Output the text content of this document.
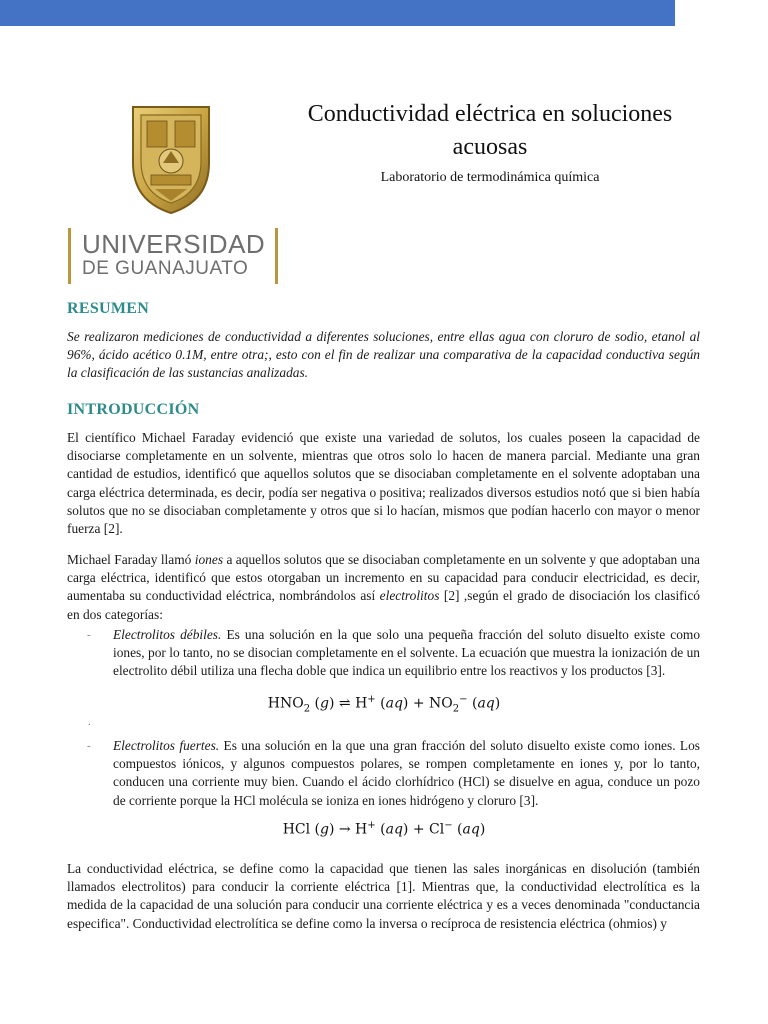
UNIVERSIDAD
DE GUANAJUATO
Conductividad eléctrica en soluciones acuosas
Laboratorio de termodinámica química
RESUMEN

Se realizaron mediciones de conductividad a diferentes soluciones, entre ellas agua con cloruro de sodio, etanol al 96%, ácido acético 0.1M, entre otra;, esto con el fin de realizar una comparativa de la capacidad conductiva según la clasificación de las sustancias analizadas.

INTRODUCCIÓN

El científico Michael Faraday evidenció que existe una variedad de solutos, los cuales poseen la capacidad de disociarse completamente en un solvente, mientras que otros solo lo hacen de manera parcial. Mediante una gran cantidad de estudios, identificó que aquellos solutos que se disociaban completamente en el solvente adoptaban una carga eléctrica determinada, es decir, podía ser negativa o positiva; realizados diversos estudios notó que si bien había solutos que no se disociaban completamente y otros que si lo hacían, mismos que podían hacerlo con mayor o menor fuerza [2].

Michael Faraday llamó iones a aquellos solutos que se disociaban completamente en un solvente y que adoptaban una carga eléctrica, identificó que estos otorgaban un incremento en su capacidad para conducir electricidad, es decir, aumentaba su conductividad eléctrica, nombrándolos así electrolitos [2] ,según el grado de disociación los clasificó en dos categorías:

- Electrolitos débiles. Es una solución en la que solo una pequeña fracción del soluto disuelto existe como iones, por lo tanto, no se disocian completamente en el solvente. La ecuación que muestra la ionización de un electrolito débil utiliza una flecha doble que indica un equilibrio entre los reactivos y los productos [3].
$HNO_2$ (g) ⇌ H+ $(aq) + NO_2^-$ (aq)
.
- Electrolitos fuertes. Es una solución en la que una gran fracción del soluto disuelto existe como iones. Los compuestos iónicos, y algunos compuestos polares, se rompen completamente en iones y, por lo tanto, conducen una corriente muy bien. Cuando el ácido clorhídrico (HCl) se disuelve en agua, conduce un pozo de corriente porque la HCl molécula se ioniza en iones hidrógeno y cloruro [3].
HCl (g) → H+ (aq) + Cl− (aq)

La conductividad eléctrica, se define como la capacidad que tienen las sales inorgánicas en disolución (también llamados electrolitos) para conducir la corriente eléctrica [1]. Mientras que, la conductividad electrolítica es la medida de la capacidad de una solución para conducir una corriente eléctrica y es a veces denominada "conductancia especifica". Conductividad electrolítica se define como la inversa o recíproca de resistencia eléctrica (ohmios) y
